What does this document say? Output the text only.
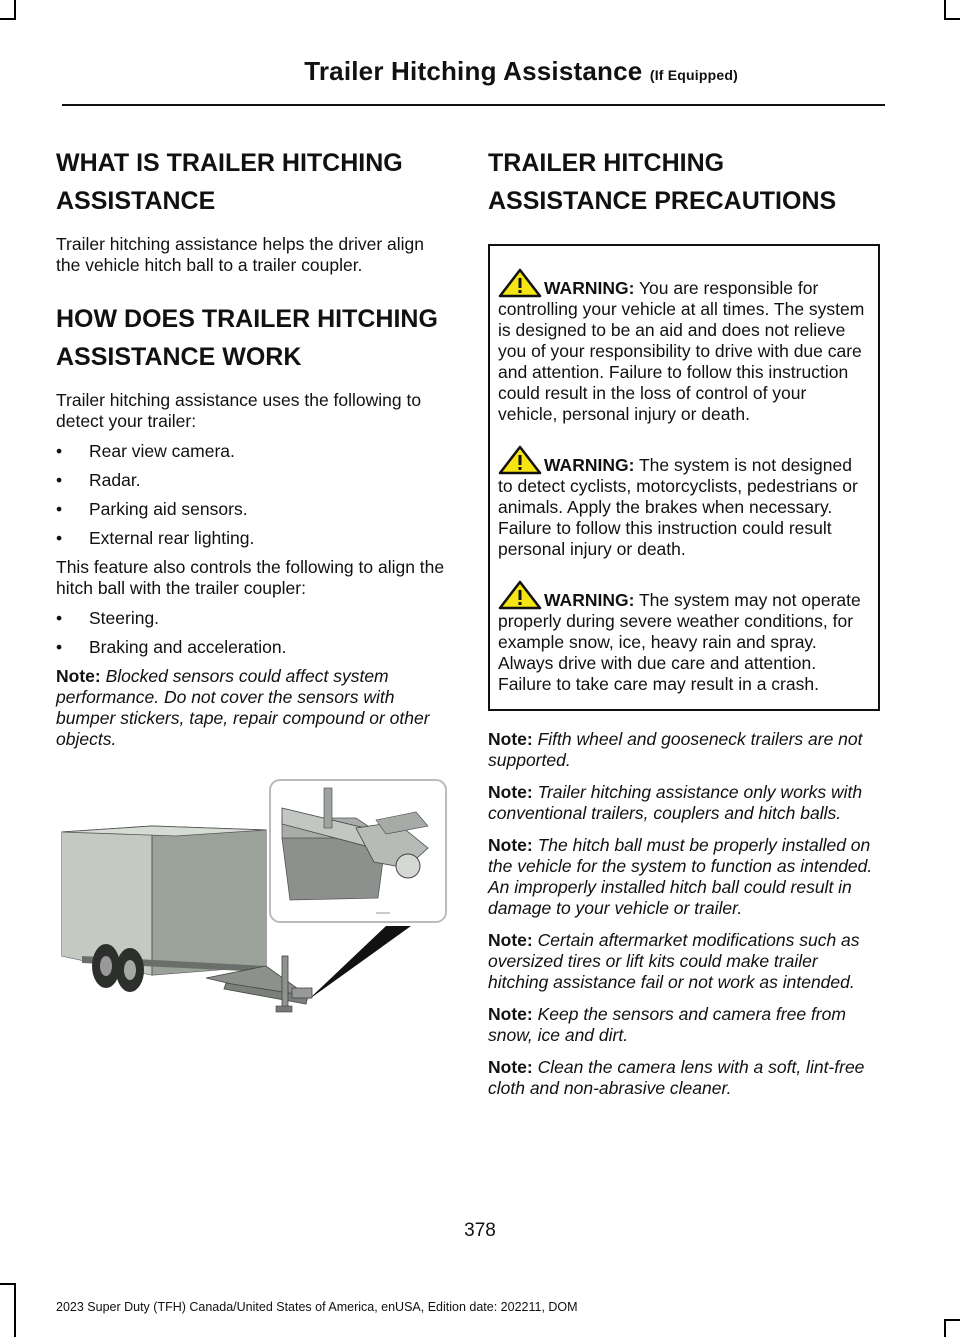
Trailer Hitching Assistance (If Equipped)
WHAT IS TRAILER HITCHING
ASSISTANCE

Trailer hitching assistance helps the driver align the vehicle hitch ball to a trailer coupler.

HOW DOES TRAILER HITCHING
ASSISTANCE WORK

Trailer hitching assistance uses the following to detect your trailer:

•	Rear view camera.
•	Radar.
•	Parking aid sensors.
•	External rear lighting.

This feature also controls the following to align the hitch ball with the trailer coupler:

•	Steering.
•	Braking and acceleration.
Note: Blocked sensors could affect system performance. Do not cover the sensors with bumper stickers, tape, repair compound or other objects.
TRAILER HITCHING
ASSISTANCE PRECAUTIONS
WARNING: You are responsible for controlling your vehicle at all times. The system is designed to be an aid and does not relieve you of your responsibility to drive with due care and attention. Failure to follow this instruction could result in the loss of control of your vehicle, personal injury or death.
WARNING: The system is not designed to detect cyclists, motorcyclists, pedestrians or animals. Apply the brakes when necessary. Failure to follow this instruction could result personal injury or death.
WARNING: The system may not operate properly during severe weather conditions, for example snow, ice, heavy rain and spray. Always drive with due care and attention. Failure to take care may result in a crash.
Note: Fifth wheel and gooseneck trailers are not supported.
Note: Trailer hitching assistance only works with conventional trailers, couplers and hitch balls.
Note: The hitch ball must be properly installed on the vehicle for the system to function as intended. An improperly installed hitch ball could result in damage to your vehicle or trailer.
Note: Certain aftermarket modifications such as oversized tires or lift kits could make trailer hitching assistance fail or not work as intended.
Note: Keep the sensors and camera free from snow, ice and dirt.
Note: Clean the camera lens with a soft, lint-free cloth and non-abrasive cleaner.
378
2023 Super Duty (TFH) Canada/United States of America, enUSA, Edition date: 202211, DOM
